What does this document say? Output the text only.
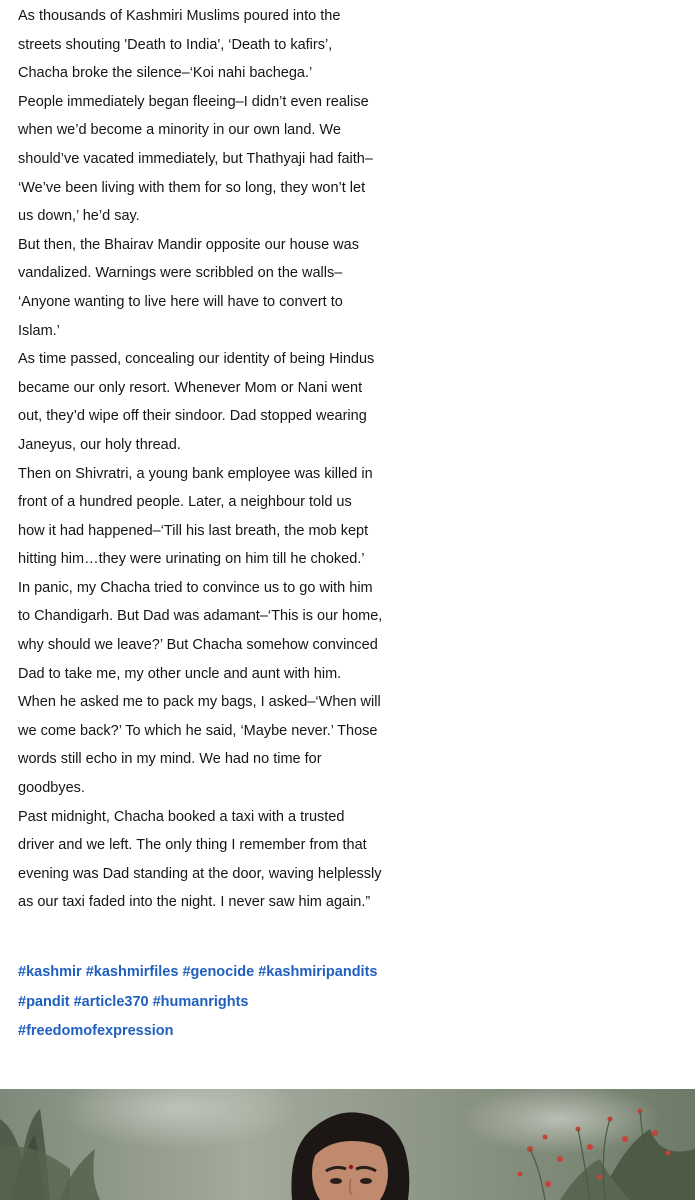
As thousands of Kashmiri Muslims poured into the
streets shouting 'Death to India', ‘Death to kafirs’,
Chacha broke the silence–‘Koi nahi bachega.’
People immediately began fleeing–I didn’t even realise
when we’d become a minority in our own land. We
should’ve vacated immediately, but Thathyaji had faith–
‘We’ve been living with them for so long, they won’t let
us down,’ he’d say.
But then, the Bhairav Mandir opposite our house was
vandalized. Warnings were scribbled on the walls–
‘Anyone wanting to live here will have to convert to
Islam.’
As time passed, concealing our identity of being Hindus
became our only resort. Whenever Mom or Nani went
out, they’d wipe off their sindoor. Dad stopped wearing
Janeyus, our holy thread.
Then on Shivratri, a young bank employee was killed in
front of a hundred people. Later, a neighbour told us
how it had happened–‘Till his last breath, the mob kept
hitting him…they were urinating on him till he choked.’
In panic, my Chacha tried to convince us to go with him
to Chandigarh. But Dad was adamant–‘This is our home,
why should we leave?’ But Chacha somehow convinced
Dad to take me, my other uncle and aunt with him.
When he asked me to pack my bags, I asked–‘When will
we come back?’ To which he said, ‘Maybe never.’ Those
words still echo in my mind. We had no time for
goodbyes.
Past midnight, Chacha booked a taxi with a trusted
driver and we left. The only thing I remember from that
evening was Dad standing at the door, waving helplessly
as our taxi faded into the night. I never saw him again.”
#kashmir #kashmirfiles #genocide #kashmiripandits
#pandit #article370 #humanrights
#freedomofexpression
